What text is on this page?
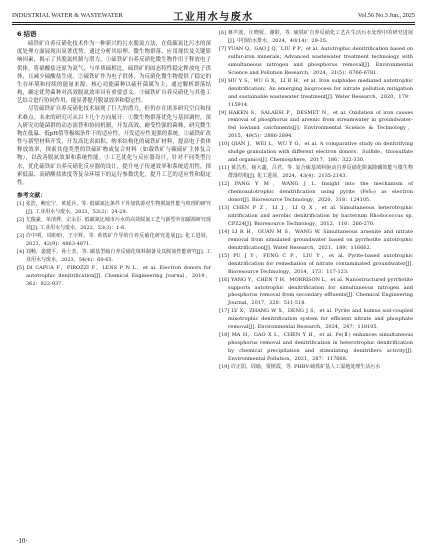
INDUSTRIAL WATER & WASTEWATER	工业用水与废水	Vol.56 No.3 Jun., 2025
6 结语

硫铁矿自养反硝化技术作为一种新兴的污水脱氮方法，在低碳氮比污水的深度处理方面展现出显著优势。通过分析其原理、微生物群落、应用现状及关键影响因素，揭示了其脱氮机制与潜力。①硫铁矿自养反硝化微生物作用于释放电子供体，将硝酸盐还原为氮气；与单质硫相比，硫铁矿的固态特性稳定释放电子供体，且减少硫酸盐生成。②硫铁矿作为电子供体，为反硝化微生物提供了稳定的生存环境和持续的能量来源；核心功能菌种以硫杆菌属为主，通过解析群落结构，确定优势菌种对高效脱氮效率具有重要意义。③硫铁矿自养反硝化与其他工艺结合进行协同作用，能显著提升脱氮效率和稳定性。

尽管硫铁矿自养反硝化技术展现了巨大的潜力，但仍存在诸多研究空白和技术难点。未来的研究可从以下几个方向展开：①微生物群落优化与基因调控，深入研究功能菌群的动态演替和协同机制，开发高效、耐受性强的菌株，研究微生物在低温、低pH值等极端条件下的适应性，开发适应性更强的系统。②硫铁矿改性与新型材料开发，开发高比表面积、纳米结构化的硫铁矿材料，提高电子供体释放效率，探索其他类型的铁硫矿物或复合材料（如载铁矿与碳硫矿主体复合物），以改善脱氮效果和系统性能。③工艺优化与反应器设计，针对不同类型污水，优化硫铁矿自养反硝化反应器的设计，提升电子传递效率和系统适用性，探索低温、高硝酸盐浓度等复杂环境下的运行参数优化，提升工艺的适应性和稳定性。

参考文献：

[1] 张浩，鲍宏宁，黄延兵，等. 低碳氮比条件下外加铁源对生物脱氮性能与机理的研究[J]. 工业用水与废水，2021，52(2)：24-29.

[2] 尤俊豪，单清烨，宗永臣. 低碳氮比城市污水的高效脱氮工艺与新型外加碳源研究现状[J]. 工业用水与废水，2022，53(3)：1-6.

[3] 许中明，周盼盼，王宇辉，等. 黄铁矿介导的自养反硝化研究进展[J]. 化工进展，2023，42(9)：4863-4871.

[4] 刘畅，裴健平，孙士杰，等. 碳基型硫自养反硝化填料制备及其脱氮性能研究[J]. 工业用水与废水，2023，54(4)：60-65.

[5] DI CAPUA F，PIROZZI F，LENS P N L，et al. Electron donors for autotrophic denitrification[J]. Chemical Engineering Journal，2019，362：922-937.

[6] 蒋声波，汪晓妮，谢阳，等. 硫铁矿自养反硝化工艺在生活污水处理中的研究进展[J]. 中国给水排水，2024，40(14)：29-35.

[7] YUAN Q，GAO J Q，LIU P P，et al. Autotrophic denitrification based on sulfur-iron minerals；Advanced wastewater treatment technology with simultaneous nitrogen and phosphorus removal[J]. Environmental Science and Pollution Research，2024，31(5)：6766-6781.

[8] HU Y S，WU G X，LI R H，et al. Iron sulphides mediated autotrophic denitrification；An emerging bioprocess for nitrate pollution mitigation and sustainable wastewater treatment[J]. Water Research，2020，179：115914.

[9] HAKEN S，SALAESI P，DESMET N，et al. Oxidation of iron causes removal of phosphorus and arsenic from streamwater in groundwater-fed lowland catchments[J]. Environmental Science & Technology，2015，49(5)：2886-2894.

[10] QIAN J，WEI L，WU Y G，et al. A comparative study on denitrifying sludge granulation with different electron donors：Sulfide，thiosulfate and organics[J]. Chemosphere，2017，186：322-330.

[11] 黄昌杰，杨大鑫，吕君，等. 复合硫基填料驱动自养反硝化脱氮除磷效能与微生物群落结构[J]. 化工进展，2024，43(4)：2135-2143.

[12] PANG Y M，WANG J L. Insight into the mechanism of chemoautotrophic denitrification using pyrite (FeS₂) as electron donor[J]. Bioresource Technology，2020，318：124105.

[13] CHEN P Z，LI J，LI Q X，et al. Simultaneous heterotrophic nitrification and aerobic denitrification by bacterium Rhodococcus sp. CPZ24[J]. Bioresource Technology，2012，116：266-270.

[14] LI R H，GUAN M S，WANG W. Simultaneous arsenite and nitrate removal from simulated groundwater based on pyrrhotite autotrophic denitrification[J]. Water Research，2021，189：116662.

[15] PU J Y，FENG C P，LIU Y，et al. Pyrite-based autotrophic denitrification for remediation of nitrate contaminated groundwater[J]. Bioresource Technology，2014，173：117-123.

[16] YANG Y，CHEN T H，MORRISON L，et al. Nanostructured pyrrhotite supports autotrophic denitrification for simultaneous nitrogen and phosphorus removal from secondary effluents[J]. Chemical Engineering Journal，2017，328：511-518.

[17] LV X，ZHANG W X，DENG J S，et al. Pyrite and humus soil-coupled mixotrophic denitrification system for efficient nitrate and phosphate removal[J]. Environmental Research，2024，247：118105.

[18] MA H，GAO X L，CHEN Y H，et al. Fe(Ⅱ) enhances simultaneous phosphorus removal and denitrification in heterotrophic denitrification by chemical precipitation and stimulating denitrifiers activity[J]. Environmental Pollution，2021，287：117668.

[19] 许正阳，周瑜，贾树霞，等. PHBV-硫铁矿基人工湿地处理生活污水

·10·
